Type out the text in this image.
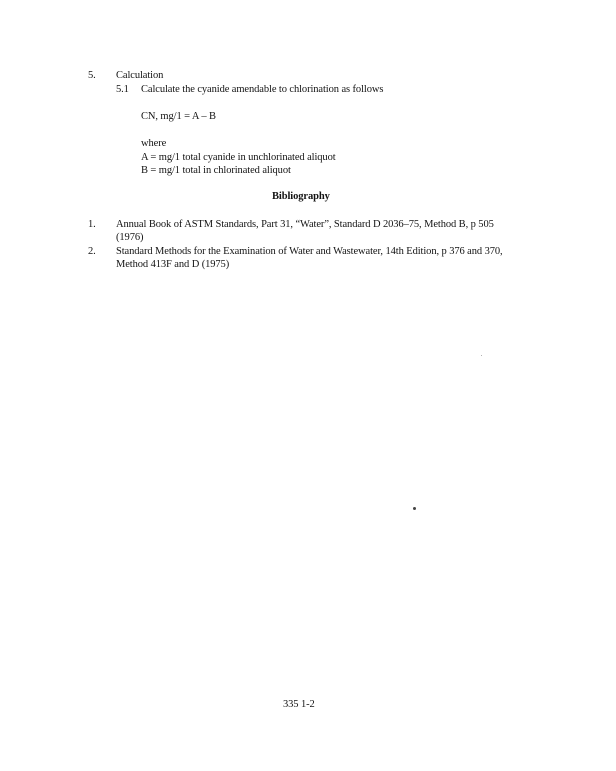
5. Calculation
5.1 Calculate the cyanide amendable to chlorination as follows
CN, mg/1 = A – B
where
A = mg/1 total cyanide in unchlorinated aliquot
B = mg/1 total in chlorinated aliquot
Bibliography
1. Annual Book of ASTM Standards, Part 31, “Water”, Standard D 2036–75, Method B, p 505
(1976)
2. Standard Methods for the Examination of Water and Wastewater, 14th Edition, p 376 and 370,
Method 413F and D (1975)
335 1-2
